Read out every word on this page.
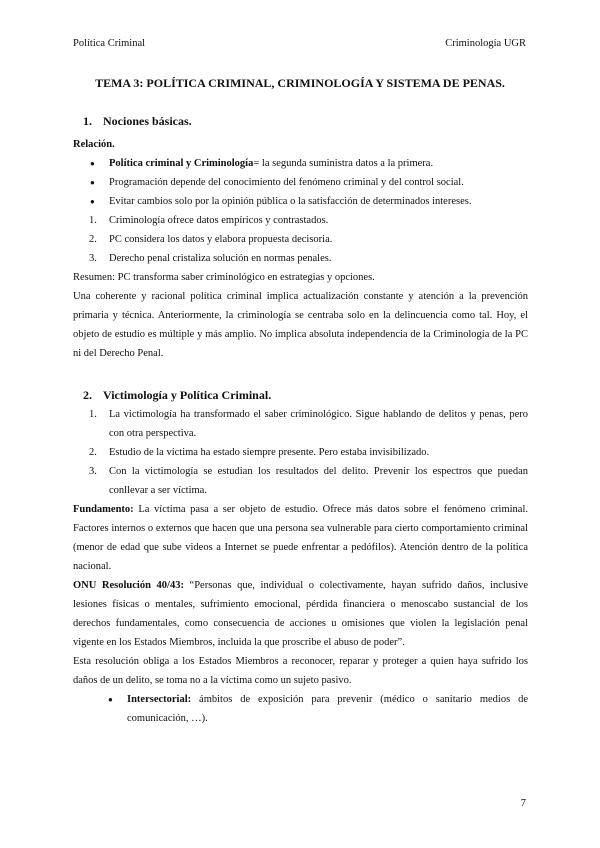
Política Criminal	Criminología UGR
TEMA 3: POLÍTICA CRIMINAL, CRIMINOLOGÍA Y SISTEMA DE PENAS.

1. Nociones básicas.

Relación.

● Política criminal y Criminología= la segunda suministra datos a la primera.
● Programación depende del conocimiento del fenómeno criminal y del control social.
● Evitar cambios solo por la opinión pública o la satisfacción de determinados intereses.
1. Criminología ofrece datos empíricos y contrastados.
2. PC considera los datos y elabora propuesta decisoria.
3. Derecho penal cristaliza solución en normas penales.

Resumen: PC transforma saber criminológico en estrategias y opciones.

Una coherente y racional política criminal implica actualización constante y atención a la prevención primaria y técnica. Anteriormente, la criminología se centraba solo en la delincuencia como tal. Hoy, el objeto de estudio es múltiple y más amplio. No implica absoluta independencia de la Criminología de la PC ni del Derecho Penal.

2. Victimología y Política Criminal.

1. La victimología ha transformado el saber criminológico. Sigue hablando de delitos y penas, pero con otra perspectiva.
2. Estudio de la víctima ha estado siempre presente. Pero estaba invisibilizado.
3. Con la victimología se estudian los resultados del delito. Prevenir los espectros que puedan conllevar a ser víctima.

Fundamento: La víctima pasa a ser objeto de estudio. Ofrece más datos sobre el fenómeno criminal. Factores internos o externos que hacen que una persona sea vulnerable para cierto comportamiento criminal (menor de edad que sube videos a Internet se puede enfrentar a pedófilos). Atención dentro de la política nacional.

ONU Resolución 40/43: “Personas que, individual o colectivamente, hayan sufrido daños, inclusive lesiones físicas o mentales, sufrimiento emocional, pérdida financiera o menoscabo sustancial de los derechos fundamentales, como consecuencia de acciones u omisiones que violen la legislación penal vigente en los Estados Miembros, incluida la que proscribe el abuso de poder”.

Esta resolución obliga a los Estados Miembros a reconocer, reparar y proteger a quien haya sufrido los daños de un delito, se toma no a la víctima como un sujeto pasivo.

● Intersectorial: ámbitos de exposición para prevenir (médico o sanitario medios de comunicación, …).
7
